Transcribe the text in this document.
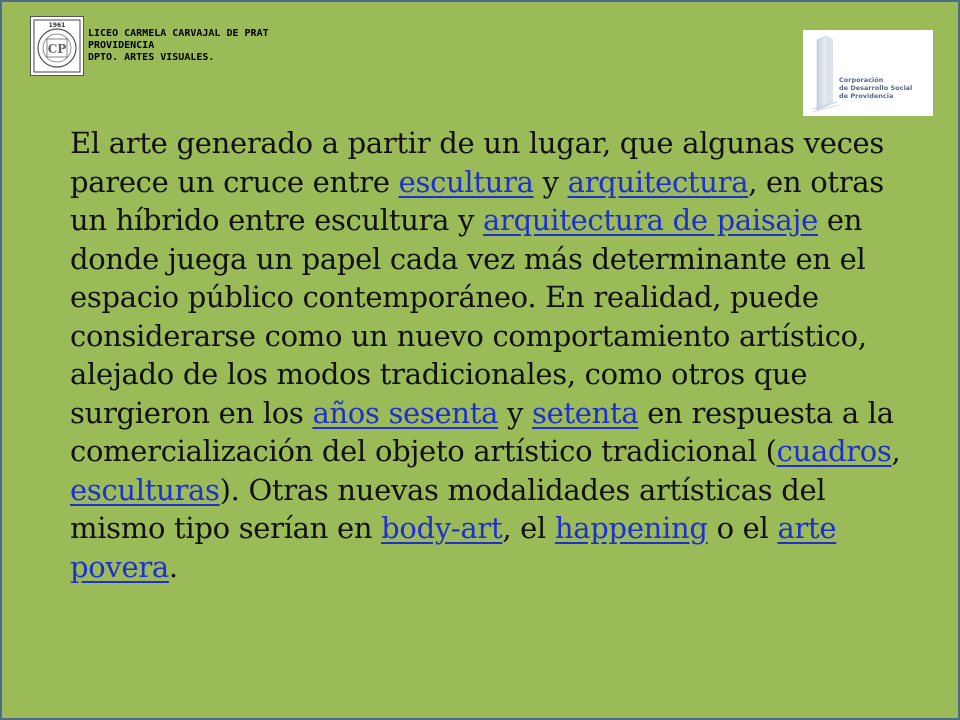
CP
1961
LICEO CARMELA CARVAJAL DE PRAT
PROVIDENCIA
DPTO. ARTES VISUALES.
Corporación
de Desarrollo Social
de Providencia

El arte generado a partir de un lugar, que algunas veces parece un cruce entre escultura y arquitectura, en otras un híbrido entre escultura y arquitectura de paisaje en donde juega un papel cada vez más determinante en el espacio público contemporáneo. En realidad, puede considerarse como un nuevo comportamiento artístico, alejado de los modos tradicionales, como otros que surgieron en los años sesenta y setenta en respuesta a la comercialización del objeto artístico tradicional (cuadros, esculturas). Otras nuevas modalidades artísticas del mismo tipo serían en body-art, el happening o el arte povera.
